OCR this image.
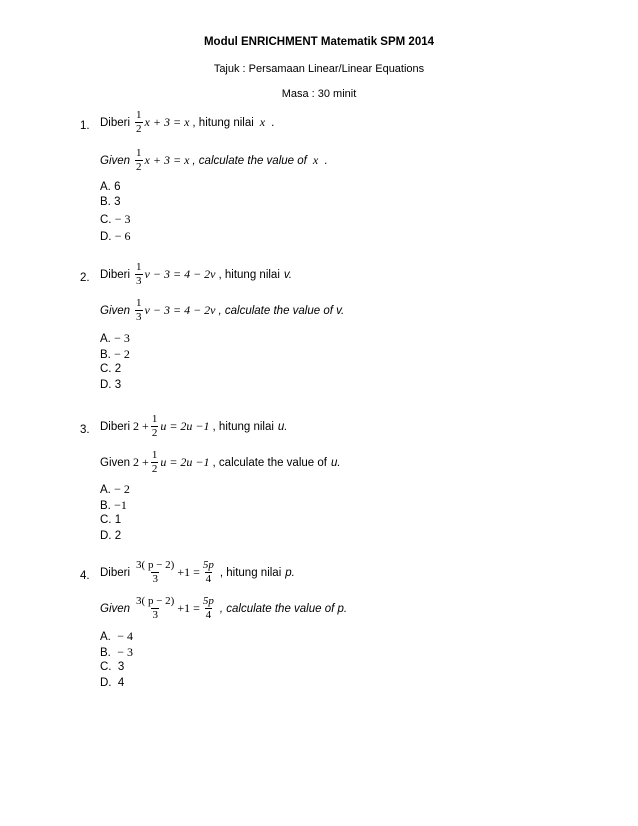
Modul ENRICHMENT Matematik SPM 2014
Tajuk : Persamaan Linear/Linear Equations
Masa : 30 minit
1. Diberi $\frac{1}{2}$ x + 3 = x , hitung nilai x .
Given $\frac{1}{2}$ x + 3 = x , calculate the value of x .
A. 6
B. 3
C. − 3
D. − 6
2. Diberi $\frac{1}{3}$ v − 3 = 4 − 2v , hitung nilai v.
Given $\frac{1}{3}$ v − 3 = 4 − 2v , calculate the value of v.
A. − 3
B. − 2
C. 2
D. 3
3. Diberi $2 + \frac{1}{2}$ u = 2u −1 , hitung nilai u.
Given $2 + \frac{1}{2}$ u = 2u −1 , calculate the value of u.
A. − 2
B. −1
C. 1
D. 2
4. Diberi $\frac{3( p - 2)}{3} +1 = \frac{5p}{4}$ , hitung nilai p.
Given $\frac{3( p - 2)}{3} +1 = \frac{5p}{4}$ , calculate the value of p.
A. − 4
B. − 3
C. 3
D. 4
